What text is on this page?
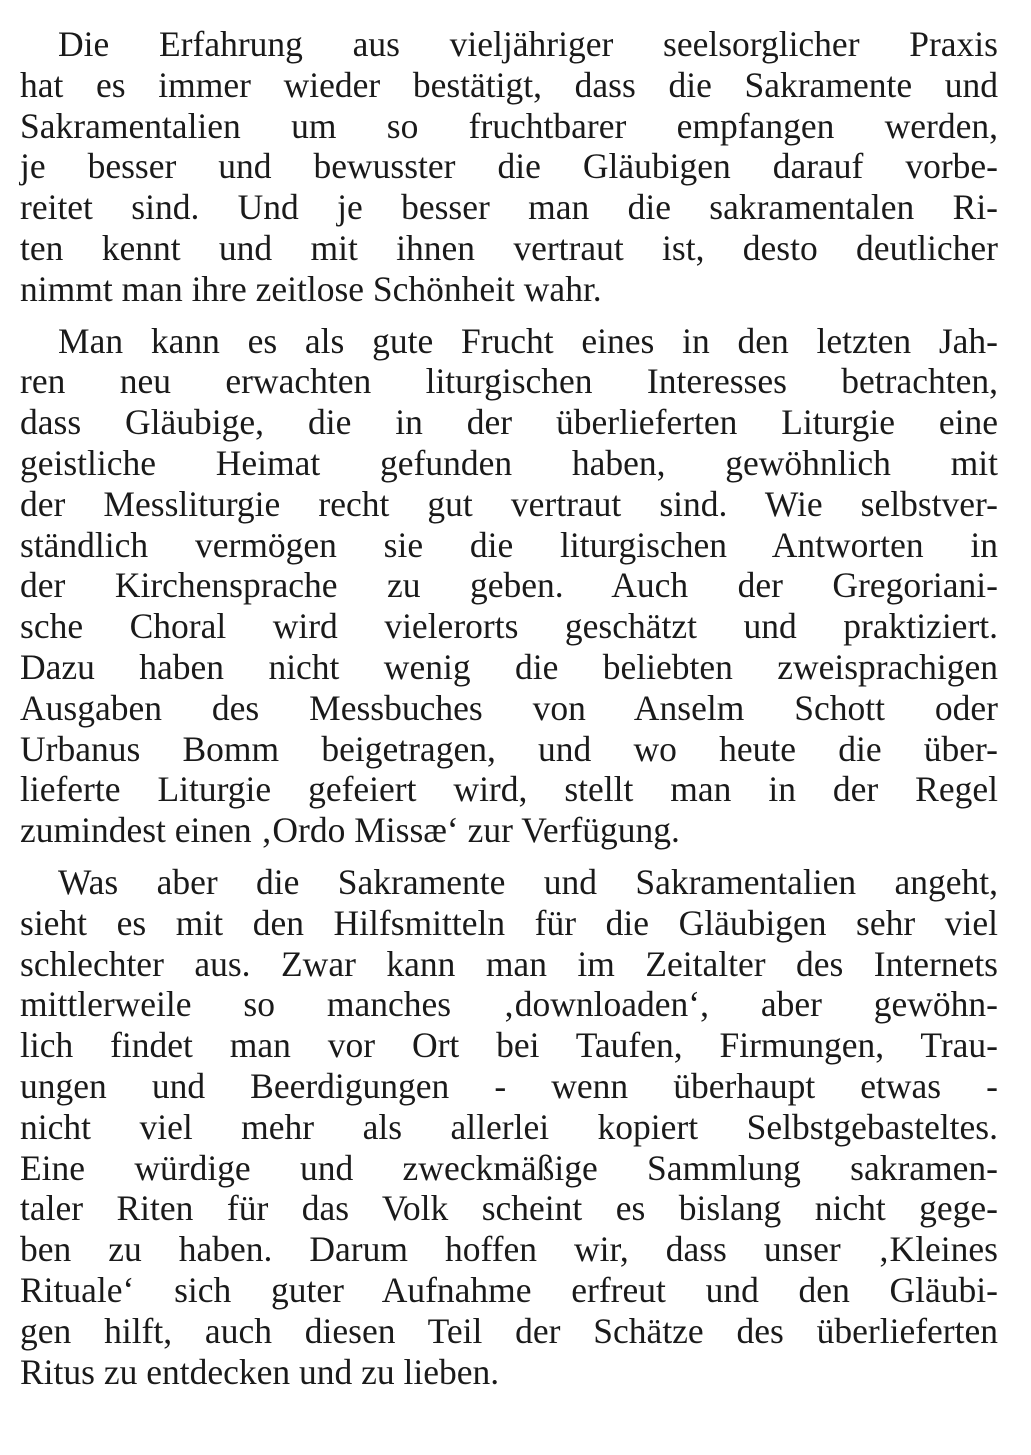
Die Erfahrung aus vieljähriger seelsorglicher Praxis
hat es immer wieder bestätigt, dass die Sakramente und
Sakramentalien um so fruchtbarer empfangen werden,
je besser und bewusster die Gläubigen darauf vorbe-
reitet sind. Und je besser man die sakramentalen Ri-
ten kennt und mit ihnen vertraut ist, desto deutlicher
nimmt man ihre zeitlose Schönheit wahr.
Man kann es als gute Frucht eines in den letzten Jah-
ren neu erwachten liturgischen Interesses betrachten,
dass Gläubige, die in der überlieferten Liturgie eine
geistliche Heimat gefunden haben, gewöhnlich mit
der Messliturgie recht gut vertraut sind. Wie selbstver-
ständlich vermögen sie die liturgischen Antworten in
der Kirchensprache zu geben. Auch der Gregoriani-
sche Choral wird vielerorts geschätzt und praktiziert.
Dazu haben nicht wenig die beliebten zweisprachigen
Ausgaben des Messbuches von Anselm Schott oder
Urbanus Bomm beigetragen, und wo heute die über-
lieferte Liturgie gefeiert wird, stellt man in der Regel
zumindest einen ‚Ordo Missæ‘ zur Verfügung.
Was aber die Sakramente und Sakramentalien angeht,
sieht es mit den Hilfsmitteln für die Gläubigen sehr viel
schlechter aus. Zwar kann man im Zeitalter des Internets
mittlerweile so manches ‚downloaden‘, aber gewöhn-
lich findet man vor Ort bei Taufen, Firmungen, Trau-
ungen und Beerdigungen - wenn überhaupt etwas -
nicht viel mehr als allerlei kopiert Selbstgebasteltes.
Eine würdige und zweckmäßige Sammlung sakramen-
taler Riten für das Volk scheint es bislang nicht gege-
ben zu haben. Darum hoffen wir, dass unser ‚Kleines
Rituale‘ sich guter Aufnahme erfreut und den Gläubi-
gen hilft, auch diesen Teil der Schätze des überlieferten
Ritus zu entdecken und zu lieben.
